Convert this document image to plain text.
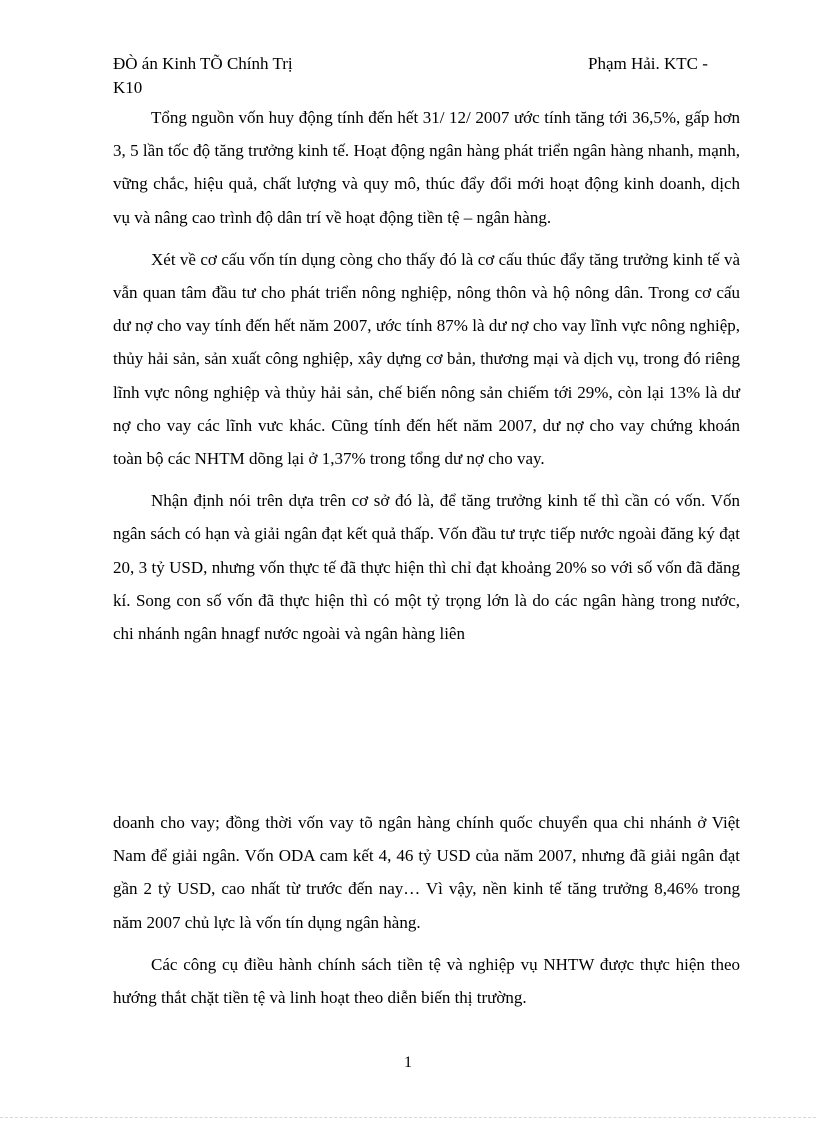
ĐÒ án Kinh TÕ Chính Trị	Phạm Hải. KTC -
K10

Tổng nguồn vốn huy động tính đến hết 31/ 12/ 2007 ước tính tăng tới 36,5%, gấp hơn 3, 5 lần tốc độ tăng trưởng kinh tế. Hoạt động ngân hàng phát triển ngân hàng nhanh, mạnh, vững chắc, hiệu quả, chất lượng và quy mô, thúc đẩy đổi mới hoạt động kinh doanh, dịch vụ và nâng cao trình độ dân trí về hoạt động tiền tệ – ngân hàng.

Xét về cơ cấu vốn tín dụng còng cho thấy đó là cơ cấu thúc đẩy tăng trưởng kinh tế và vẫn quan tâm đầu tư cho phát triển nông nghiệp, nông thôn và hộ nông dân. Trong cơ cấu dư nợ cho vay tính đến hết năm 2007, ước tính 87% là dư nợ cho vay lĩnh vực nông nghiệp, thủy hải sản, sản xuất công nghiệp, xây dựng cơ bản, thương mại và dịch vụ, trong đó riêng lĩnh vực nông nghiệp và thủy hải sản, chế biến nông sản chiếm tới 29%, còn lại 13% là dư nợ cho vay các lĩnh vưc khác. Cũng tính đến hết năm 2007, dư nợ cho vay chứng khoán toàn bộ các NHTM dõng lại ở 1,37% trong tổng dư nợ cho vay.

Nhận định nói trên dựa trên cơ sở đó là, để tăng trưởng kinh tế thì cần có vốn. Vốn ngân sách có hạn và giải ngân đạt kết quả thấp. Vốn đầu tư trực tiếp nước ngoài đăng ký đạt 20, 3 tỷ USD, nhưng vốn thực tế đã thực hiện thì chỉ đạt khoảng 20% so với số vốn đã đăng kí. Song con số vốn đã thực hiện thì có một tỷ trọng lớn là do các ngân hàng trong nước, chi nhánh ngân hnagf nước ngoài và ngân hàng liên

doanh cho vay; đồng thời vốn vay tõ ngân hàng chính quốc chuyển qua chi nhánh ở Việt Nam để giải ngân. Vốn ODA cam kết 4, 46 tỷ USD của năm 2007, nhưng đã giải ngân đạt gần 2 tỷ USD, cao nhất từ trước đến nay… Vì vậy, nền kinh tế tăng trưởng 8,46% trong năm 2007 chủ lực là vốn tín dụng ngân hàng.

Các công cụ điều hành chính sách tiền tệ và nghiệp vụ NHTW được thực hiện theo hướng thắt chặt tiền tệ và linh hoạt theo diễn biến thị trường.

1
